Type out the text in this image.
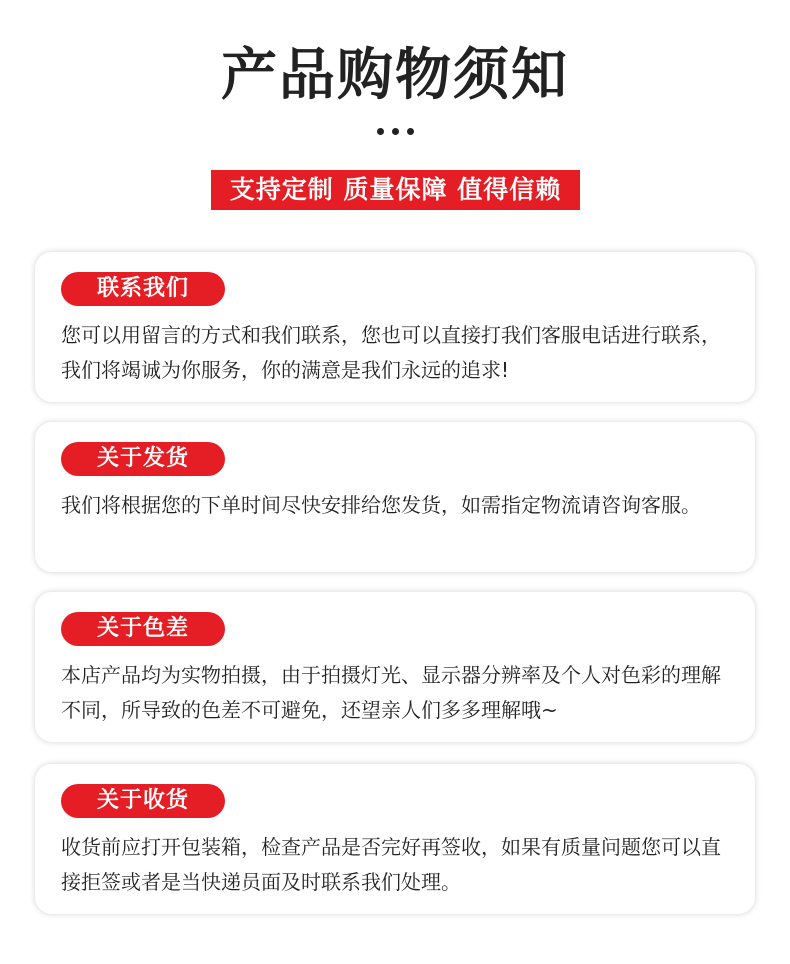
产品购物须知
支持定制 质量保障 值得信赖
联系我们
您可以用留言的方式和我们联系，您也可以直接打我们客服电话进行联系，我们将竭诚为你服务，你的满意是我们永远的追求!
关于发货
我们将根据您的下单时间尽快安排给您发货，如需指定物流请咨询客服。
关于色差
本店产品均为实物拍摄，由于拍摄灯光、显示器分辨率及个人对色彩的理解不同，所导致的色差不可避免，还望亲人们多多理解哦~
关于收货
收货前应打开包装箱，检查产品是否完好再签收，如果有质量问题您可以直接拒签或者是当快递员面及时联系我们处理。
